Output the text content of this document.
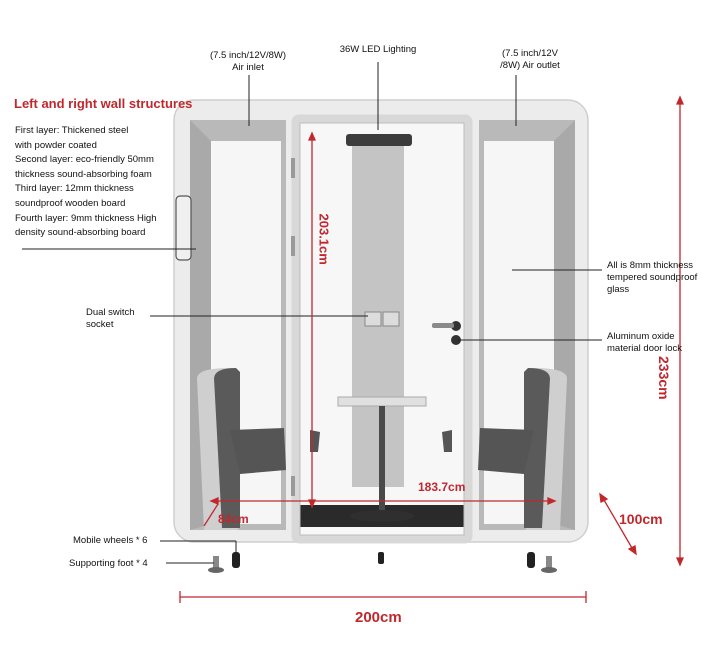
(7.5 inch/12V/8W)
Air inlet
36W LED Lighting	(7.5 inch/12V
/8W) Air outlet
Left and right wall structures
First layer: Thickened steel
with powder coated
Second layer: eco-friendly 50mm
thickness sound-absorbing foam
Third layer: 12mm thickness
soundproof wooden board
Fourth layer: 9mm thickness High
density sound-absorbing board
Dual switch
socket
All is 8mm thickness
tempered soundproof
glass
Aluminum oxide
material door lock
Mobile wheels * 6
Supporting foot * 4
203.1cm
233cm
183.7cm
84cm	100cm
200cm
